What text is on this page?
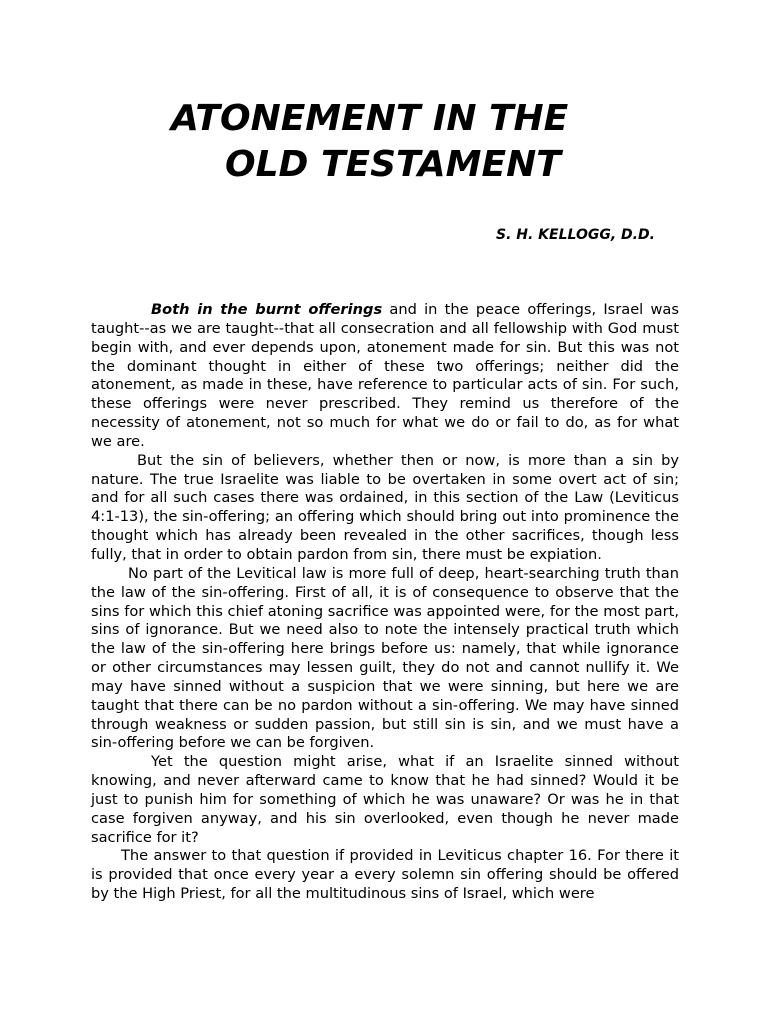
ATONEMENT IN THE
OLD TESTAMENT
S. H. KELLOGG, D.D.

Both in the burnt offerings and in the peace offerings, Israel was taught--as we are taught--that all consecration and all fellowship with God must begin with, and ever depends upon, atonement made for sin. But this was not the dominant thought in either of these two offerings; neither did the atonement, as made in these, have reference to particular acts of sin. For such, these offerings were never prescribed. They remind us therefore of the necessity of atonement, not so much for what we do or fail to do, as for what we are.

But the sin of believers, whether then or now, is more than a sin by nature. The true Israelite was liable to be overtaken in some overt act of sin; and for all such cases there was ordained, in this section of the Law (Leviticus 4:1-13), the sin-offering; an offering which should bring out into prominence the thought which has already been revealed in the other sacrifices, though less fully, that in order to obtain pardon from sin, there must be expiation.

No part of the Levitical law is more full of deep, heart-searching truth than the law of the sin-offering. First of all, it is of consequence to observe that the sins for which this chief atoning sacrifice was appointed were, for the most part, sins of ignorance. But we need also to note the intensely practical truth which the law of the sin-offering here brings before us: namely, that while ignorance or other circumstances may lessen guilt, they do not and cannot nullify it. We may have sinned without a suspicion that we were sinning, but here we are taught that there can be no pardon without a sin-offering. We may have sinned through weakness or sudden passion, but still sin is sin, and we must have a sin-offering before we can be forgiven.

Yet the question might arise, what if an Israelite sinned without knowing, and never afterward came to know that he had sinned? Would it be just to punish him for something of which he was unaware? Or was he in that case forgiven anyway, and his sin overlooked, even though he never made sacrifice for it?

The answer to that question if provided in Leviticus chapter 16. For there it is provided that once every year a every solemn sin offering should be offered by the High Priest, for all the multitudinous sins of Israel, which were
